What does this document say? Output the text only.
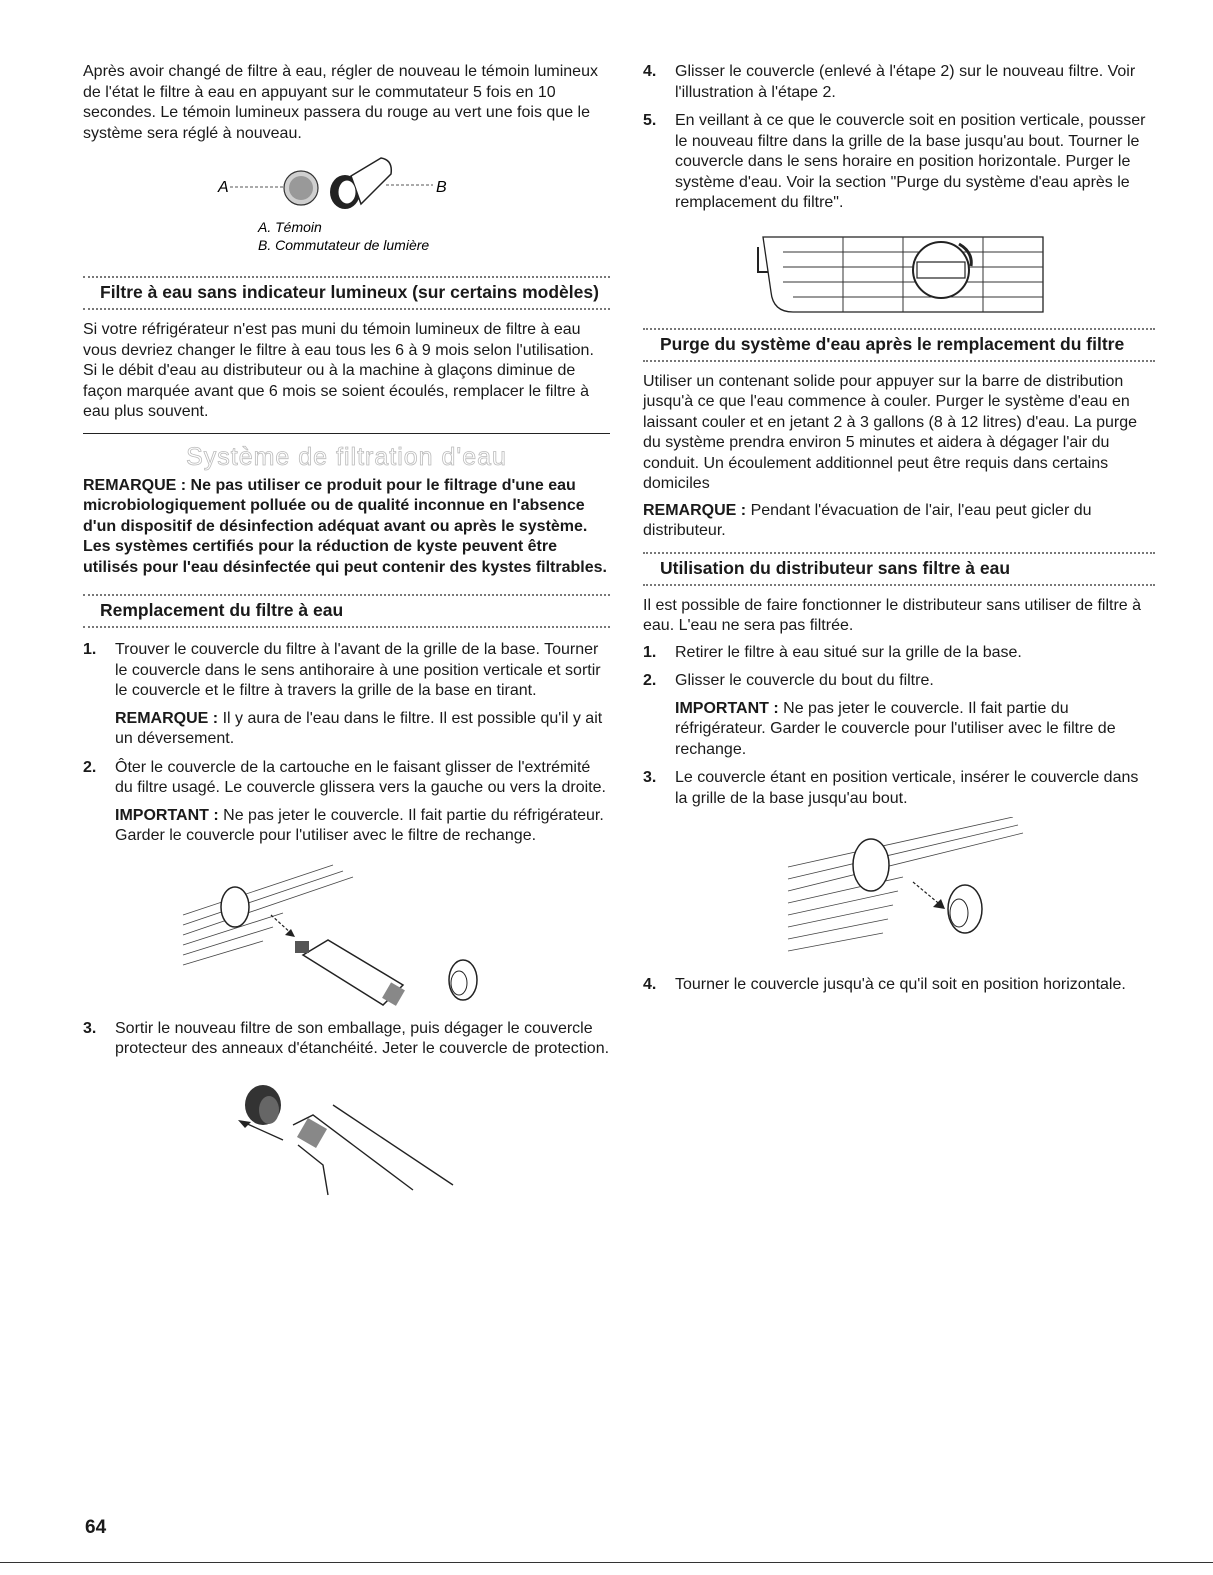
Après avoir changé de filtre à eau, régler de nouveau le témoin lumineux de l'état le filtre à eau en appuyant sur le commutateur 5 fois en 10 secondes. Le témoin lumineux passera du rouge au vert une fois que le système sera réglé à nouveau.

A	B
A. Témoin
B. Commutateur de lumière
Filtre à eau sans indicateur lumineux (sur certains modèles)

Si votre réfrigérateur n'est pas muni du témoin lumineux de filtre à eau vous devriez changer le filtre à eau tous les 6 à 9 mois selon l'utilisation. Si le débit d'eau au distributeur ou à la machine à glaçons diminue de façon marquée avant que 6 mois se soient écoulés, remplacer le filtre à eau plus souvent.

Système de filtration d'eau

REMARQUE : Ne pas utiliser ce produit pour le filtrage d'une eau microbiologiquement polluée ou de qualité inconnue en l'absence d'un dispositif de désinfection adéquat avant ou après le système. Les systèmes certifiés pour la réduction de kyste peuvent être utilisés pour l'eau désinfectée qui peut contenir des kystes filtrables.

Remplacement du filtre à eau
1.	Trouver le couvercle du filtre à l'avant de la grille de la base. Tourner le couvercle dans le sens antihoraire à une position verticale et sortir le couvercle et le filtre à travers la grille de la base en tirant.

REMARQUE : Il y aura de l'eau dans le filtre. Il est possible qu'il y ait un déversement.

2.	Ôter le couvercle de la cartouche en le faisant glisser de l'extrémité du filtre usagé. Le couvercle glissera vers la gauche ou vers la droite.

IMPORTANT : Ne pas jeter le couvercle. Il fait partie du réfrigérateur. Garder le couvercle pour l'utiliser avec le filtre de rechange.

3.	Sortir le nouveau filtre de son emballage, puis dégager le couvercle protecteur des anneaux d'étanchéité. Jeter le couvercle de protection.

4.	Glisser le couvercle (enlevé à l'étape 2) sur le nouveau filtre. Voir l'illustration à l'étape 2.

5.	En veillant à ce que le couvercle soit en position verticale, pousser le nouveau filtre dans la grille de la base jusqu'au bout. Tourner le couvercle dans le sens horaire en position horizontale. Purger le système d'eau. Voir la section "Purge du système d'eau après le remplacement du filtre".

Purge du système d'eau après le remplacement du filtre

Utiliser un contenant solide pour appuyer sur la barre de distribution jusqu'à ce que l'eau commence à couler. Purger le système d'eau en laissant couler et en jetant 2 à 3 gallons (8 à 12 litres) d'eau. La purge du système prendra environ 5 minutes et aidera à dégager l'air du conduit. Un écoulement additionnel peut être requis dans certains domiciles

REMARQUE : Pendant l'évacuation de l'air, l'eau peut gicler du distributeur.

Utilisation du distributeur sans filtre à eau

Il est possible de faire fonctionner le distributeur sans utiliser de filtre à eau. L'eau ne sera pas filtrée.

1.	Retirer le filtre à eau situé sur la grille de la base.

2.	Glisser le couvercle du bout du filtre.

IMPORTANT : Ne pas jeter le couvercle. Il fait partie du réfrigérateur. Garder le couvercle pour l'utiliser avec le filtre de rechange.

3.	Le couvercle étant en position verticale, insérer le couvercle dans la grille de la base jusqu'au bout.

4.	Tourner le couvercle jusqu'à ce qu'il soit en position horizontale.

64
